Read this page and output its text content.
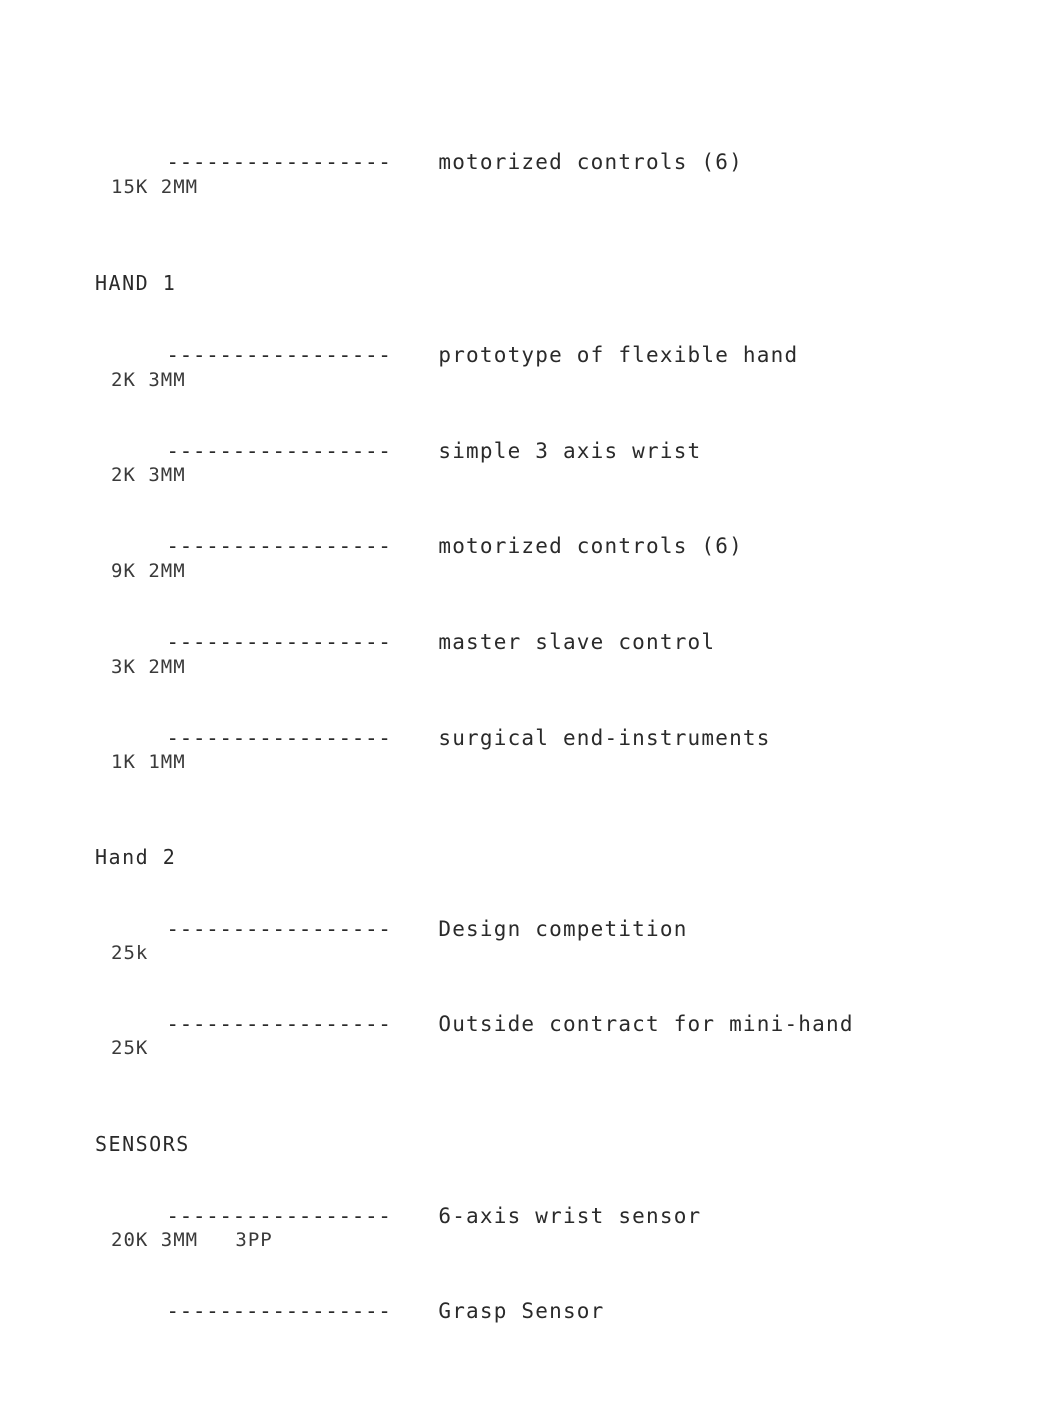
----------------- motorized controls (6)

15K 2MM
HAND 1

----------------- prototype of flexible hand

2K 3MM

----------------- simple 3 axis wrist

2K 3MM

----------------- motorized controls (6)

9K 2MM

----------------- master slave control

3K 2MM

----------------- surgical end-instruments

1K 1MM
Hand 2

----------------- Design competition

25k

----------------- Outside contract for mini-hand

25K
SENSORS

----------------- 6-axis wrist sensor

20K 3MM   3PP

----------------- Grasp Sensor
